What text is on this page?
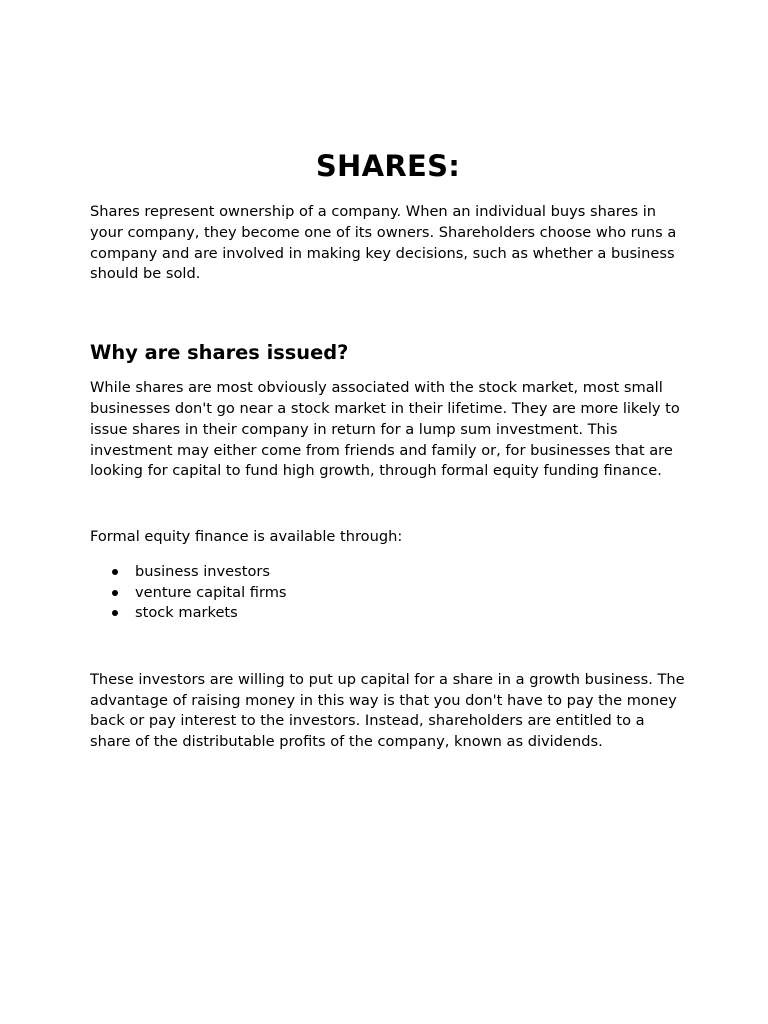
SHARES:

Shares represent ownership of a company. When an individual buys shares in your company, they become one of its owners. Shareholders choose who runs a company and are involved in making key decisions, such as whether a business should be sold.

Why are shares issued?

While shares are most obviously associated with the stock market, most small businesses don't go near a stock market in their lifetime. They are more likely to issue shares in their company in return for a lump sum investment. This investment may either come from friends and family or, for businesses that are looking for capital to fund high growth, through formal equity funding finance.

Formal equity finance is available through:

business investors
venture capital firms
stock markets

These investors are willing to put up capital for a share in a growth business. The advantage of raising money in this way is that you don't have to pay the money back or pay interest to the investors. Instead, shareholders are entitled to a share of the distributable profits of the company, known as dividends.
